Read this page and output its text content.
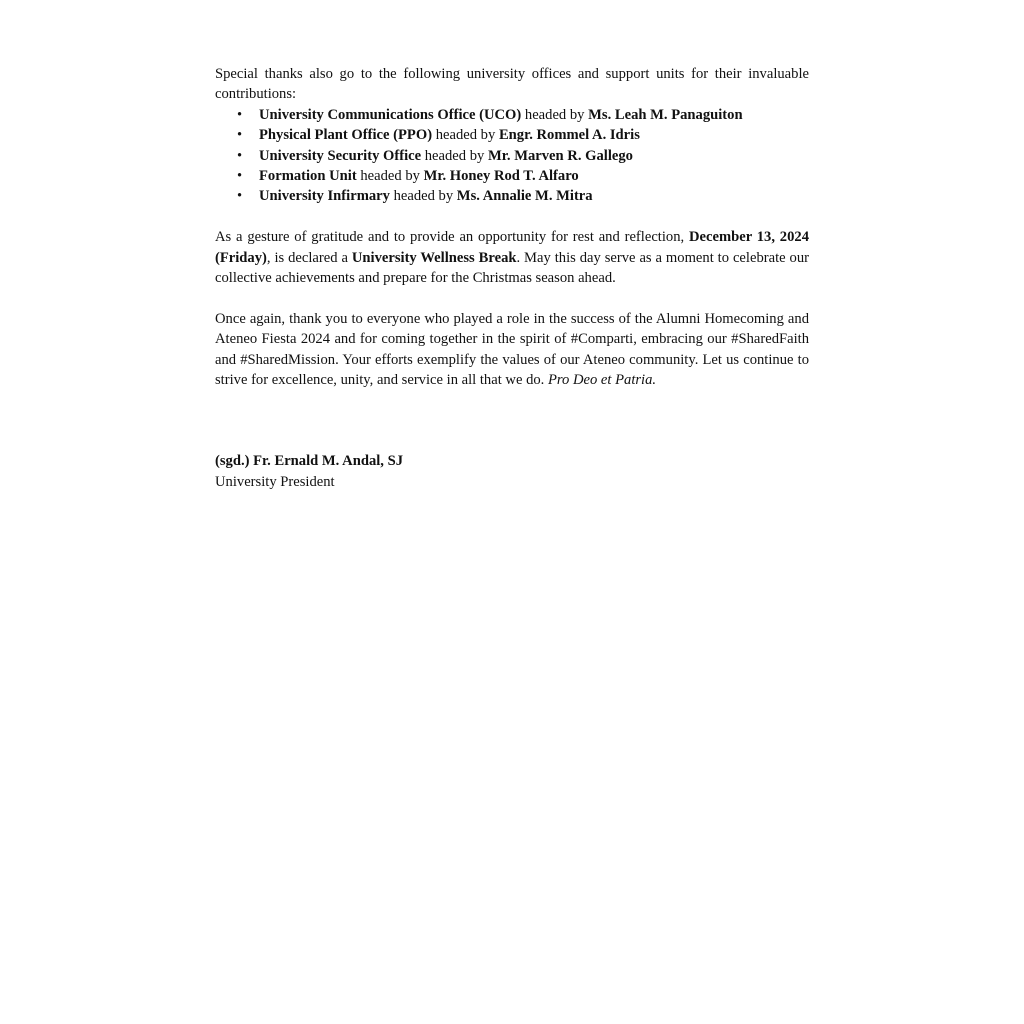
Special thanks also go to the following university offices and support units for their invaluable contributions:

• University Communications Office (UCO) headed by Ms. Leah M. Panaguiton
• Physical Plant Office (PPO) headed by Engr. Rommel A. Idris
• University Security Office headed by Mr. Marven R. Gallego
• Formation Unit headed by Mr. Honey Rod T. Alfaro
• University Infirmary headed by Ms. Annalie M. Mitra

As a gesture of gratitude and to provide an opportunity for rest and reflection, December 13, 2024 (Friday), is declared a University Wellness Break. May this day serve as a moment to celebrate our collective achievements and prepare for the Christmas season ahead.

Once again, thank you to everyone who played a role in the success of the Alumni Homecoming and Ateneo Fiesta 2024 and for coming together in the spirit of #Comparti, embracing our #SharedFaith and #SharedMission. Your efforts exemplify the values of our Ateneo community. Let us continue to strive for excellence, unity, and service in all that we do. Pro Deo et Patria.

(sgd.) Fr. Ernald M. Andal, SJ
University President
